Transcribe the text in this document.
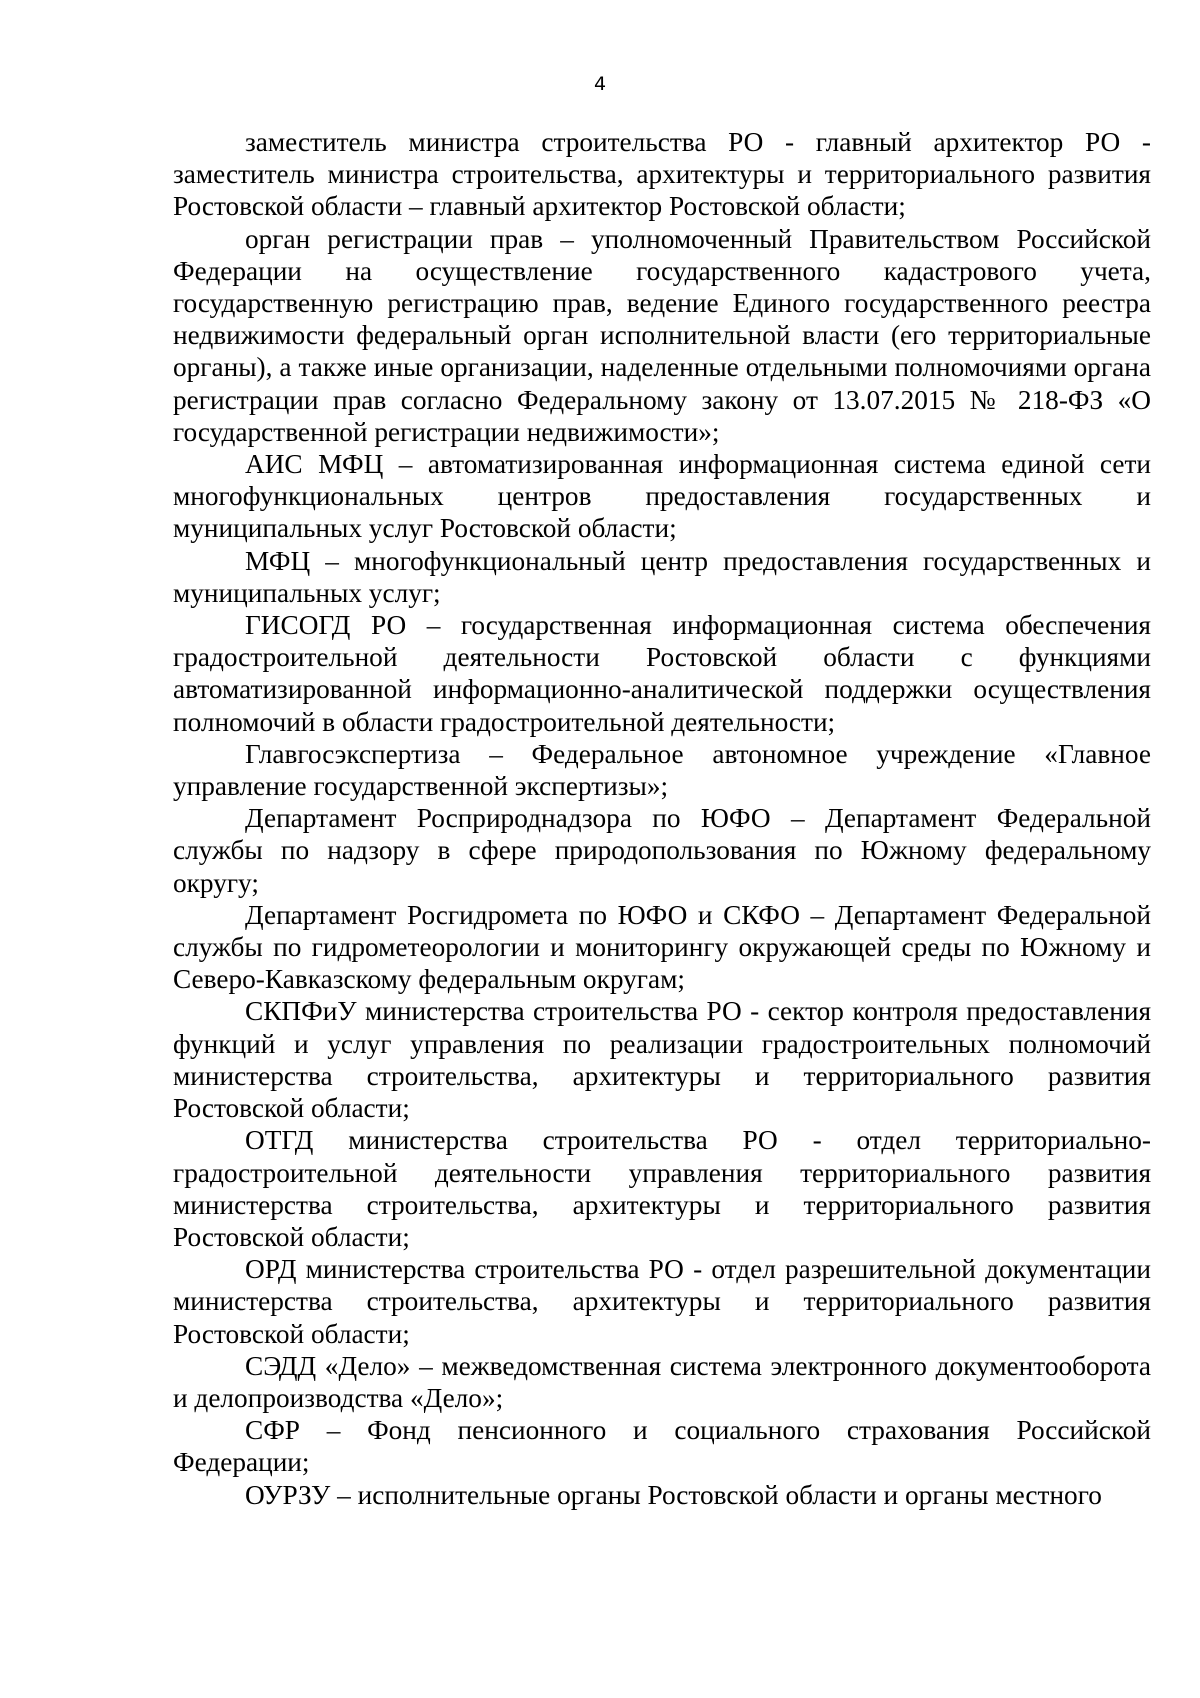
4

заместитель министра строительства РО - главный архитектор РО - заместитель министра строительства, архитектуры и территориального развития Ростовской области – главный архитектор Ростовской области;

орган регистрации прав – уполномоченный Правительством Российской Федерации на осуществление государственного кадастрового учета, государственную регистрацию прав, ведение Единого государственного реестра недвижимости федеральный орган исполнительной власти (его территориальные органы), а также иные организации, наделенные отдельными полномочиями органа регистрации прав согласно Федеральному закону от 13.07.2015 № 218-ФЗ «О государственной регистрации недвижимости»;

АИС МФЦ – автоматизированная информационная система единой сети многофункциональных центров предоставления государственных и муниципальных услуг Ростовской области;

МФЦ – многофункциональный центр предоставления государственных и муниципальных услуг;

ГИСОГД РО – государственная информационная система обеспечения градостроительной деятельности Ростовской области с функциями автоматизированной информационно-аналитической поддержки осуществления полномочий в области градостроительной деятельности;

Главгосэкспертиза – Федеральное автономное учреждение «Главное управление государственной экспертизы»;

Департамент Росприроднадзора по ЮФО – Департамент Федеральной службы по надзору в сфере природопользования по Южному федеральному округу;

Департамент Росгидромета по ЮФО и СКФО – Департамент Федеральной службы по гидрометеорологии и мониторингу окружающей среды по Южному и Северо-Кавказскому федеральным округам;

СКПФиУ министерства строительства РО - сектор контроля предоставления функций и услуг управления по реализации градостроительных полномочий министерства строительства, архитектуры и территориального развития Ростовской области;

ОТГД министерства строительства РО - отдел территориально-градостроительной деятельности управления территориального развития министерства строительства, архитектуры и территориального развития Ростовской области;

ОРД министерства строительства РО - отдел разрешительной документации министерства строительства, архитектуры и территориального развития Ростовской области;

СЭДД «Дело» – межведомственная система электронного документооборота и делопроизводства «Дело»;

СФР – Фонд пенсионного и социального страхования Российской Федерации;

ОУРЗУ – исполнительные органы Ростовской области и органы местного
